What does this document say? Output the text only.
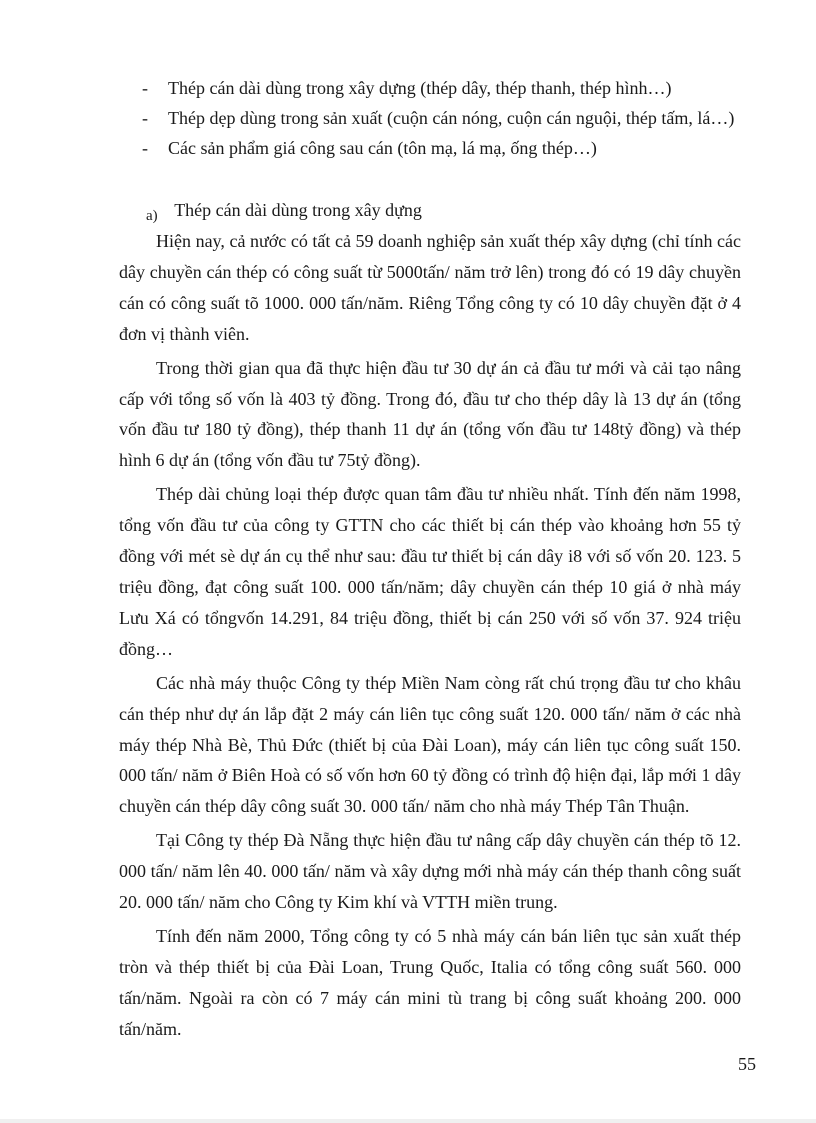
- Thép cán dài dùng trong xây dựng (thép dây, thép thanh, thép hình…)
- Thép dẹp dùng trong sản xuất (cuộn cán nóng, cuộn cán nguội, thép tấm, lá…)
- Các sản phẩm giá công sau cán (tôn mạ, lá mạ, ống thép…)
a) Thép cán dài dùng trong xây dựng

Hiện nay, cả nước có tất cả 59 doanh nghiệp sản xuất thép xây dựng (chỉ tính các dây chuyền cán thép có công suất từ 5000tấn/ năm trở lên) trong đó có 19 dây chuyền cán có công suất tõ 1000. 000 tấn/năm. Riêng Tổng công ty có 10 dây chuyền đặt ở 4 đơn vị thành viên.

Trong thời gian qua đã thực hiện đầu tư 30 dự án cả đầu tư mới và cải tạo nâng cấp với tổng số vốn là 403 tỷ đồng. Trong đó, đầu tư cho thép dây là 13 dự án (tổng vốn đầu tư 180 tỷ đồng), thép thanh 11 dự án (tổng vốn đầu tư 148tỷ đồng) và thép hình 6 dự án (tổng vốn đầu tư 75tỷ đồng).

Thép dài chủng loại thép được quan tâm đầu tư nhiều nhất. Tính đến năm 1998, tổng vốn đầu tư của công ty GTTN cho các thiết bị cán thép vào khoảng hơn 55 tỷ đồng với mét sè dự án cụ thể như sau: đầu tư thiết bị cán dây i8 với số vốn 20. 123. 5 triệu đồng, đạt công suất 100. 000 tấn/năm; dây chuyền cán thép 10 giá ở nhà máy Lưu Xá có tổngvốn 14.291, 84 triệu đồng, thiết bị cán 250 với số vốn 37. 924 triệu đồng…

Các nhà máy thuộc Công ty thép Miền Nam còng rất chú trọng đầu tư cho khâu cán thép như dự án lắp đặt 2 máy cán liên tục công suất 120. 000 tấn/ năm ở các nhà máy thép Nhà Bè, Thủ Đức (thiết bị của Đài Loan), máy cán liên tục công suất 150. 000 tấn/ năm ở Biên Hoà có số vốn hơn 60 tỷ đồng có trình độ hiện đại, lắp mới 1 dây chuyền cán thép dây công suất 30. 000 tấn/ năm cho nhà máy Thép Tân Thuận.

Tại Công ty thép Đà Nẵng thực hiện đầu tư nâng cấp dây chuyền cán thép tõ 12. 000 tấn/ năm lên 40. 000 tấn/ năm và xây dựng mới nhà máy cán thép thanh công suất 20. 000 tấn/ năm cho Công ty Kim khí và VTTH miền trung.

Tính đến năm 2000, Tổng công ty có 5 nhà máy cán bán liên tục sản xuất thép tròn và thép thiết bị của Đài Loan, Trung Quốc, Italia có tổng công suất 560. 000 tấn/năm. Ngoài ra còn có 7 máy cán mini tù trang bị công suất khoảng 200. 000 tấn/năm.

55
